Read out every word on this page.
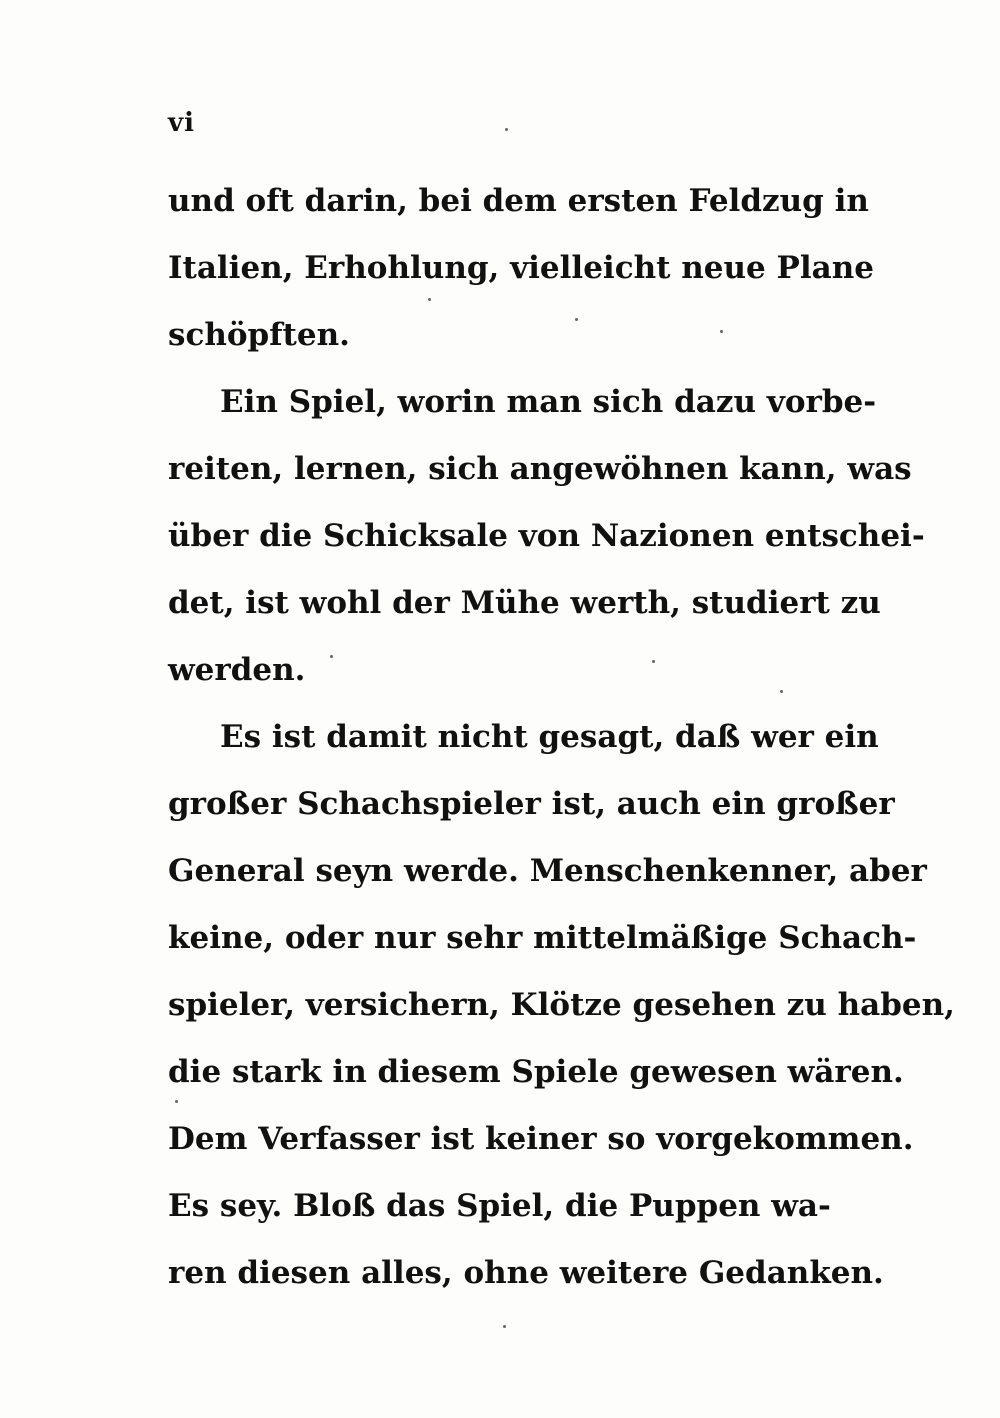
vi
und oft darin, bei dem ersten Feldzug in
Italien, Erhohlung, vielleicht neue Plane
schöpften.
Ein Spiel, worin man sich dazu vorbe-
reiten, lernen, sich angewöhnen kann, was
über die Schicksale von Nazionen entschei-
det, ist wohl der Mühe werth, studiert zu
werden.
Es ist damit nicht gesagt, daß wer ein
großer Schachspieler ist, auch ein großer
General seyn werde. Menschenkenner, aber
keine, oder nur sehr mittelmäßige Schach-
spieler, versichern, Klötze gesehen zu haben,
die stark in diesem Spiele gewesen wären.
Dem Verfasser ist keiner so vorgekommen.
Es sey. Bloß das Spiel, die Puppen wa-
ren diesen alles, ohne weitere Gedanken.
